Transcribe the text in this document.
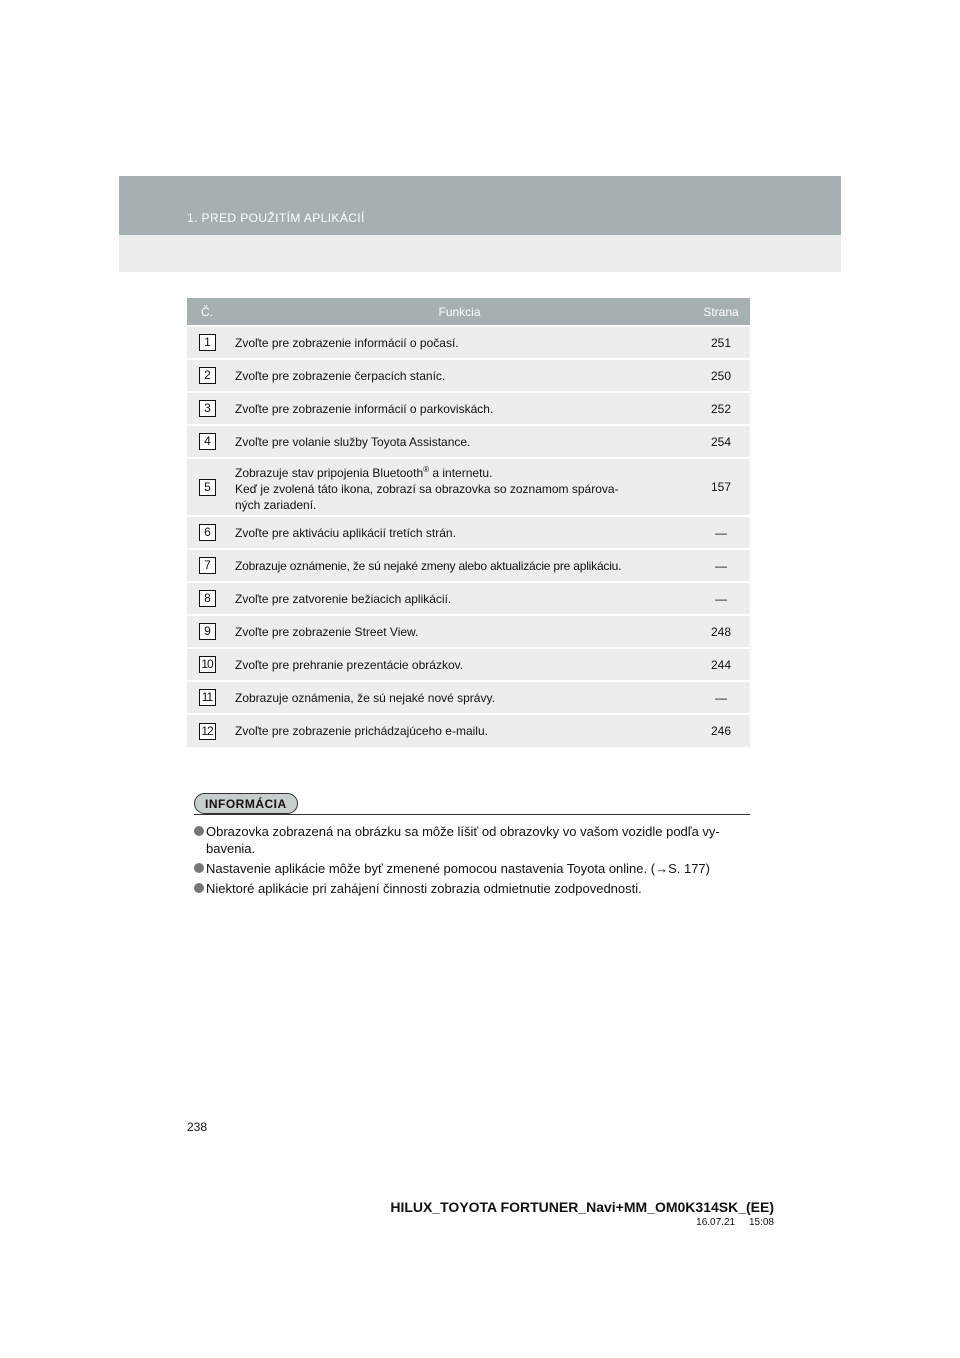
1. PRED POUŽITÍM APLIKÁCIÍ
Č.	Funkcia	Strana
1	Zvoľte pre zobrazenie informácií o počasí.	251
2	Zvoľte pre zobrazenie čerpacích staníc.	250
3	Zvoľte pre zobrazenie informácií o parkoviskách.	252
4	Zvoľte pre volanie služby Toyota Assistance.	254
5	Zobrazuje stav pripojenia Bluetooth® a internetu.
Keď je zvolená táto ikona, zobrazí sa obrazovka so zoznamom spárova-
ných zariadení.	157
6	Zvoľte pre aktiváciu aplikácií tretích strán.	—
7	Zobrazuje oznámenie, že sú nejaké zmeny alebo aktualizácie pre aplikáciu.	—
8	Zvoľte pre zatvorenie bežiacich aplikácií.	—
9	Zvoľte pre zobrazenie Street View.	248
10	Zvoľte pre prehranie prezentácie obrázkov.	244
11	Zobrazuje oznámenia, že sú nejaké nové správy.	—
12	Zvoľte pre zobrazenie prichádzajúceho e-mailu.	246
INFORMÁCIA
Obrazovka zobrazená na obrázku sa môže líšiť od obrazovky vo vašom vozidle podľa vy-bavenia.
Nastavenie aplikácie môže byť zmenené pomocou nastavenia Toyota online. (→S. 177)
Niektoré aplikácie pri zahájení činnosti zobrazia odmietnutie zodpovednosti.
238
HILUX_TOYOTA FORTUNER_Navi+MM_OM0K314SK_(EE)
16.07.21     15:08
